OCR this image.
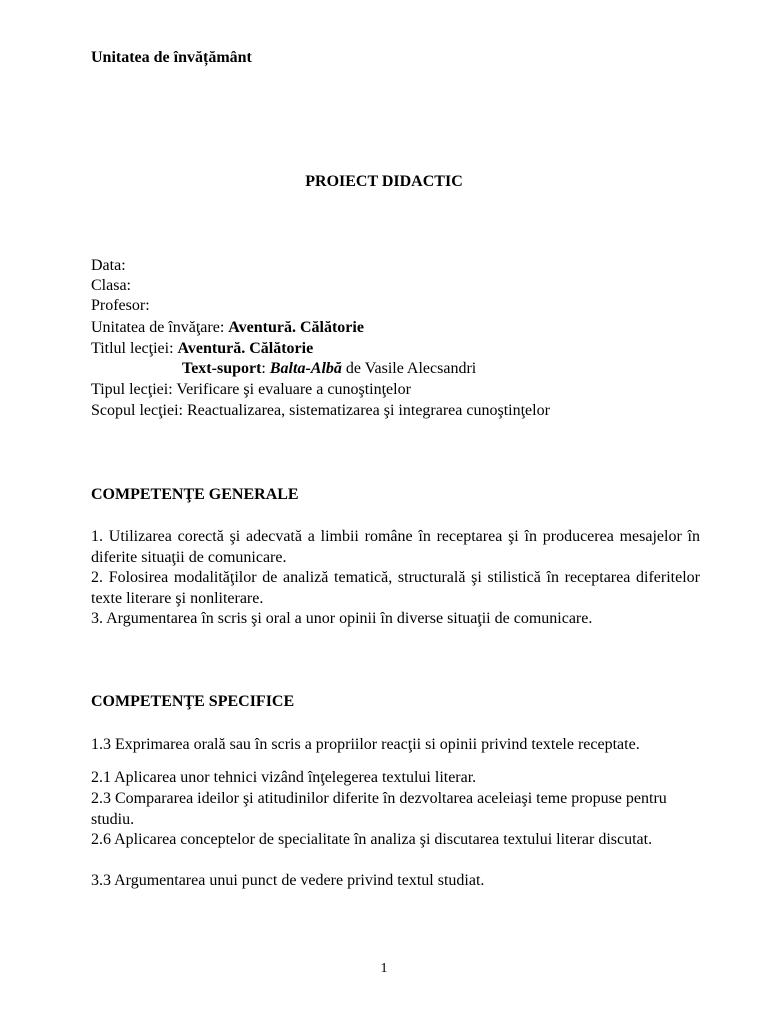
Unitatea de învățământ
PROIECT DIDACTIC
Data:
Clasa:
Profesor:
Unitatea de învăţare: Aventură. Călătorie
Titlul lecţiei: Aventură. Călătorie
Text-suport: Balta-Albă de Vasile Alecsandri
Tipul lecţiei: Verificare şi evaluare a cunoştinţelor
Scopul lecţiei: Reactualizarea, sistematizarea şi integrarea cunoştinţelor
COMPETENŢE GENERALE
1. Utilizarea corectă şi adecvată a limbii române în receptarea şi în producerea mesajelor în diferite situaţii de comunicare.
2. Folosirea modalităţilor de analiză tematică, structurală şi stilistică în receptarea diferitelor texte literare şi nonliterare.
3. Argumentarea în scris şi oral a unor opinii în diverse situaţii de comunicare.
COMPETENŢE SPECIFICE
1.3 Exprimarea orală sau în scris a propriilor reacţii si opinii privind textele receptate.
2.1 Aplicarea unor tehnici vizând înţelegerea textului literar.
2.3 Compararea ideilor şi atitudinilor diferite în dezvoltarea aceleiaşi teme propuse pentru studiu.
2.6 Aplicarea conceptelor de specialitate în analiza şi discutarea textului literar discutat.
3.3 Argumentarea unui punct de vedere privind textul studiat.
1
